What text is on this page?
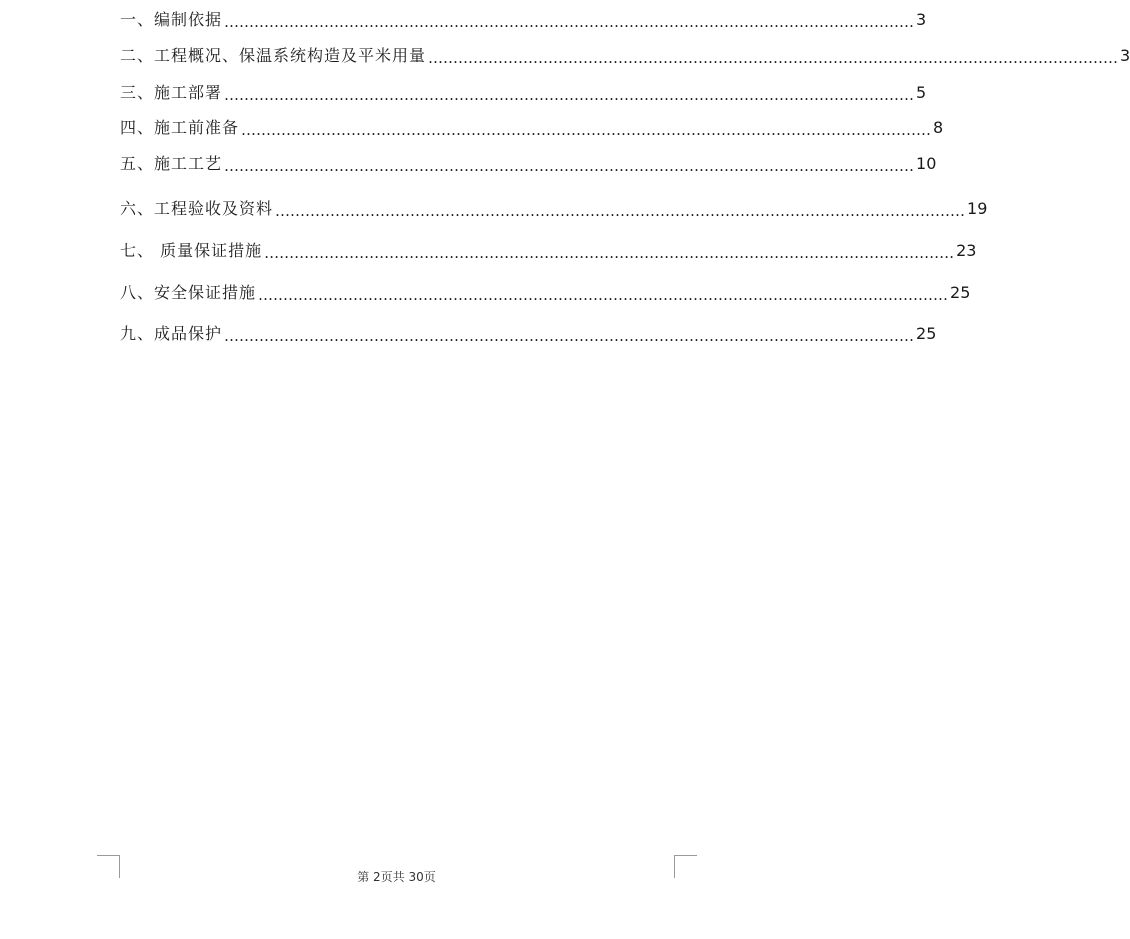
一、编制依据 ………………………………………………………………………………………………………………………… 3
二、工程概况、保温系统构造及平米用量 ………………………………………………………………………………………………………………………… 3
三、施工部署 ………………………………………………………………………………………………………………………… 5
四、施工前准备 ………………………………………………………………………………………………………………………… 8
五、施工工艺 ………………………………………………………………………………………………………………………… 10
六、工程验收及资料 ………………………………………………………………………………………………………………………… 19
七、 质量保证措施 ………………………………………………………………………………………………………………………… 23
八、安全保证措施 ………………………………………………………………………………………………………………………… 25
九、成品保护 ………………………………………………………………………………………………………………………… 25
第 2页共 30页
